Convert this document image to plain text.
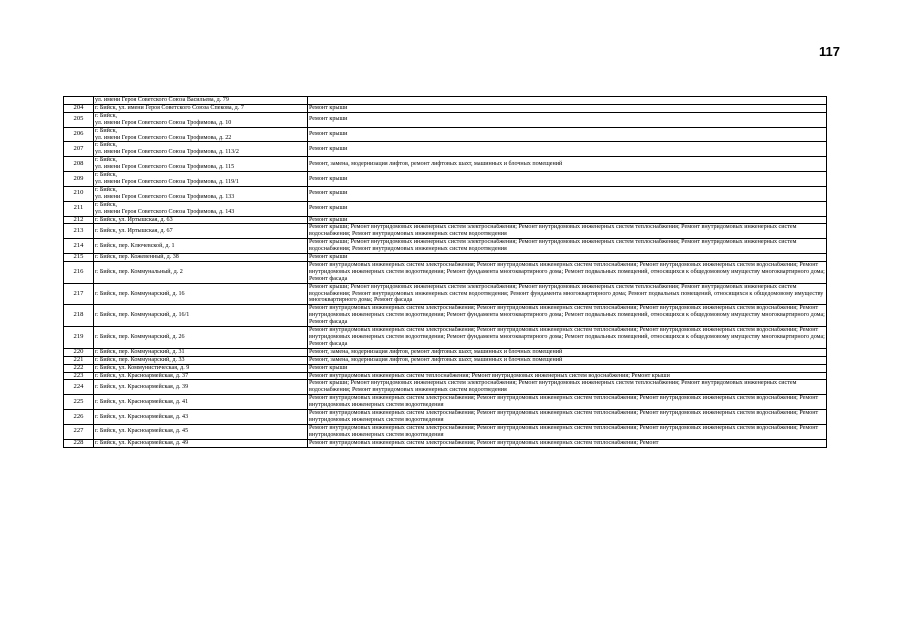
117
	ул. имени Героя Советского Союза Васильева, д. 79	
204	г. Бийск, ул. имени Героя Советского Союза Спекова, д. 7	Ремонт крыши
205	г. Бийск,
ул. имени Героя Советского Союза Трофимова, д. 10	Ремонт крыши
206	г. Бийск,
ул. имени Героя Советского Союза Трофимова, д. 22	Ремонт крыши
207	г. Бийск,
ул. имени Героя Советского Союза Трофимова, д. 113/2	Ремонт крыши
208	г. Бийск,
ул. имени Героя Советского Союза Трофимова, д. 115	Ремонт, замена, модернизация лифтов, ремонт лифтовых шахт, машинных и блочных помещений
209	г. Бийск,
ул. имени Героя Советского Союза Трофимова, д. 119/1	Ремонт крыши
210	г. Бийск,
ул. имени Героя Советского Союза Трофимова, д. 133	Ремонт крыши
211	г. Бийск,
ул. имени Героя Советского Союза Трофимова, д. 143	Ремонт крыши
212	г. Бийск, ул. Иртышская, д. 63	Ремонт крыши
213	г. Бийск, ул. Иртышская, д. 67	Ремонт крыши; Ремонт внутридомовых инженерных систем электроснабжения; Ремонт внутридомовых инженерных систем теплоснабжения; Ремонт внутридомовых инженерных систем водоснабжения; Ремонт внутридомовых инженерных систем водоотведения
214	г. Бийск, пер. Ключевской, д. 1	Ремонт крыши; Ремонт внутридомовых инженерных систем электроснабжения; Ремонт внутридомовых инженерных систем теплоснабжения; Ремонт внутридомовых инженерных систем водоснабжения; Ремонт внутридомовых инженерных систем водоотведения
215	г. Бийск, пер. Кожевенный, д. 38	Ремонт крыши
216	г. Бийск, пер. Коммунальный, д. 2	Ремонт внутридомовых инженерных систем электроснабжения; Ремонт внутридомовых инженерных систем теплоснабжения; Ремонт внутридомовых инженерных систем водоснабжения; Ремонт внутридомовых инженерных систем водоотведения; Ремонт фундамента многоквартирного дома; Ремонт подвальных помещений, относящихся к общедомовому имуществу многоквартирного дома; Ремонт фасада
217	г. Бийск, пер. Коммунарский, д. 16	Ремонт крыши; Ремонт внутридомовых инженерных систем электроснабжения; Ремонт внутридомовых инженерных систем теплоснабжения; Ремонт внутридомовых инженерных систем водоснабжения; Ремонт внутридомовых инженерных систем водоотведения; Ремонт фундамента многоквартирного дома; Ремонт подвальных помещений, относящихся к общедомовому имуществу многоквартирного дома; Ремонт фасада
218	г. Бийск, пер. Коммунарский, д. 16/1	Ремонт внутридомовых инженерных систем электроснабжения; Ремонт внутридомовых инженерных систем теплоснабжения; Ремонт внутридомовых инженерных систем водоснабжения; Ремонт внутридомовых инженерных систем водоотведения; Ремонт фундамента многоквартирного дома; Ремонт подвальных помещений, относящихся к общедомовому имуществу многоквартирного дома; Ремонт фасада
219	г. Бийск, пер. Коммунарский, д. 26	Ремонт внутридомовых инженерных систем электроснабжения; Ремонт внутридомовых инженерных систем теплоснабжения; Ремонт внутридомовых инженерных систем водоснабжения; Ремонт внутридомовых инженерных систем водоотведения; Ремонт фундамента многоквартирного дома; Ремонт подвальных помещений, относящихся к общедомовому имуществу многоквартирного дома; Ремонт фасада
220	г. Бийск, пер. Коммунарский, д. 31	Ремонт, замена, модернизация лифтов, ремонт лифтовых шахт, машинных и блочных помещений
221	г. Бийск, пер. Коммунарский, д. 33	Ремонт, замена, модернизация лифтов, ремонт лифтовых шахт, машинных и блочных помещений
222	г. Бийск, ул. Коммунистическая, д. 9	Ремонт крыши
223	г. Бийск, ул. Красноармейская, д. 37	Ремонт внутридомовых инженерных систем теплоснабжения; Ремонт внутридомовых инженерных систем водоснабжения; Ремонт крыши
224	г. Бийск, ул. Красноармейская, д. 39	Ремонт крыши; Ремонт внутридомовых инженерных систем электроснабжения; Ремонт внутридомовых инженерных систем теплоснабжения; Ремонт внутридомовых инженерных систем водоснабжения; Ремонт внутридомовых инженерных систем водоотведения
225	г. Бийск, ул. Красноармейская, д. 41	Ремонт внутридомовых инженерных систем электроснабжения; Ремонт внутридомовых инженерных систем теплоснабжения; Ремонт внутридомовых инженерных систем водоснабжения; Ремонт внутридомовых инженерных систем водоотведения
226	г. Бийск, ул. Красноармейская, д. 43	Ремонт внутридомовых инженерных систем электроснабжения; Ремонт внутридомовых инженерных систем теплоснабжения; Ремонт внутридомовых инженерных систем водоснабжения; Ремонт внутридомовых инженерных систем водоотведения
227	г. Бийск, ул. Красноармейская, д. 45	Ремонт внутридомовых инженерных систем электроснабжения; Ремонт внутридомовых инженерных систем теплоснабжения; Ремонт внутридомовых инженерных систем водоснабжения; Ремонт внутридомовых инженерных систем водоотведения
228	г. Бийск, ул. Красноармейская, д. 49	Ремонт внутридомовых инженерных систем электроснабжения; Ремонт внутридомовых инженерных систем теплоснабжения; Ремонт
